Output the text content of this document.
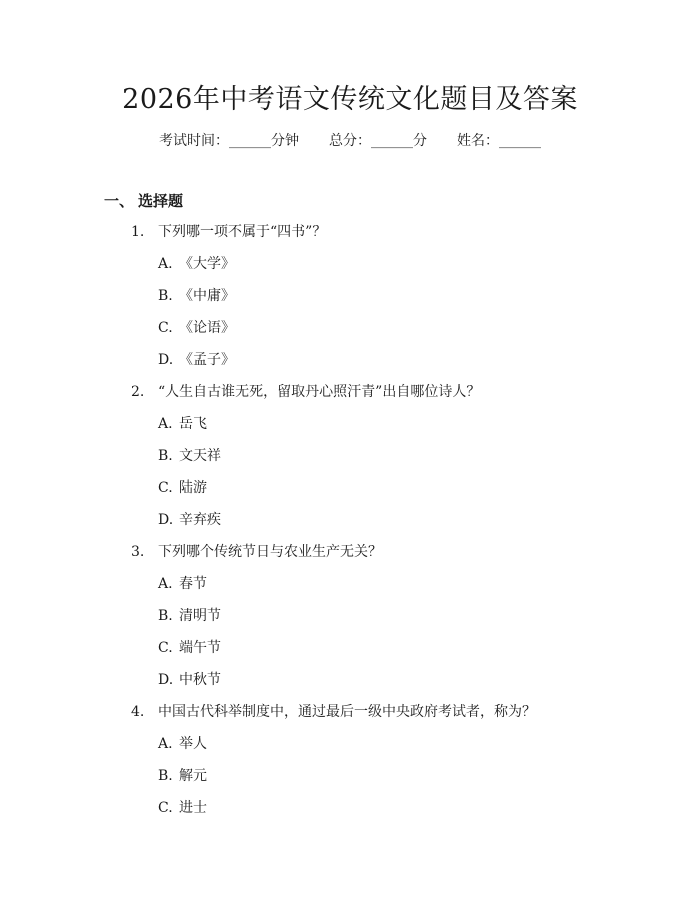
2026年中考语文传统文化题目及答案
考试时间：______分钟 总分：______分 姓名：______
一、 选择题
1. 下列哪一项不属于“四书”？
A. 《大学》
B. 《中庸》
C. 《论语》
D. 《孟子》
2. “人生自古谁无死，留取丹心照汗青”出自哪位诗人？
A. 岳飞
B. 文天祥
C. 陆游
D. 辛弃疾
3. 下列哪个传统节日与农业生产无关？
A. 春节
B. 清明节
C. 端午节
D. 中秋节
4. 中国古代科举制度中，通过最后一级中央政府考试者，称为？
A. 举人
B. 解元
C. 进士
